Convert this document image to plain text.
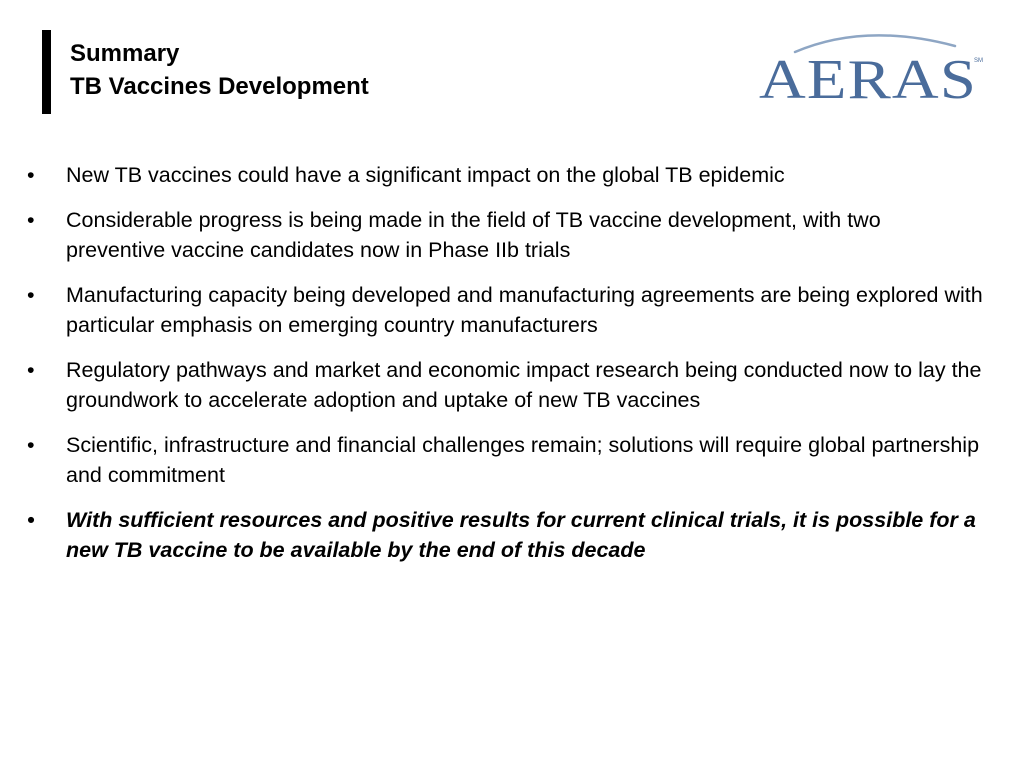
Summary
TB Vaccines Development	AERAS
SM
• New TB vaccines could have a significant impact on the global TB epidemic
• Considerable progress is being made in the field of TB vaccine development, with two preventive vaccine candidates now in Phase IIb trials
• Manufacturing capacity being developed and manufacturing agreements are being explored with particular emphasis on emerging country manufacturers
• Regulatory pathways and market and economic impact research being conducted now to lay the groundwork to accelerate adoption and uptake of new TB vaccines
• Scientific, infrastructure and financial challenges remain; solutions will require global partnership and commitment
• With sufficient resources and positive results for current clinical trials, it is possible for a new TB vaccine to be available by the end of this decade
